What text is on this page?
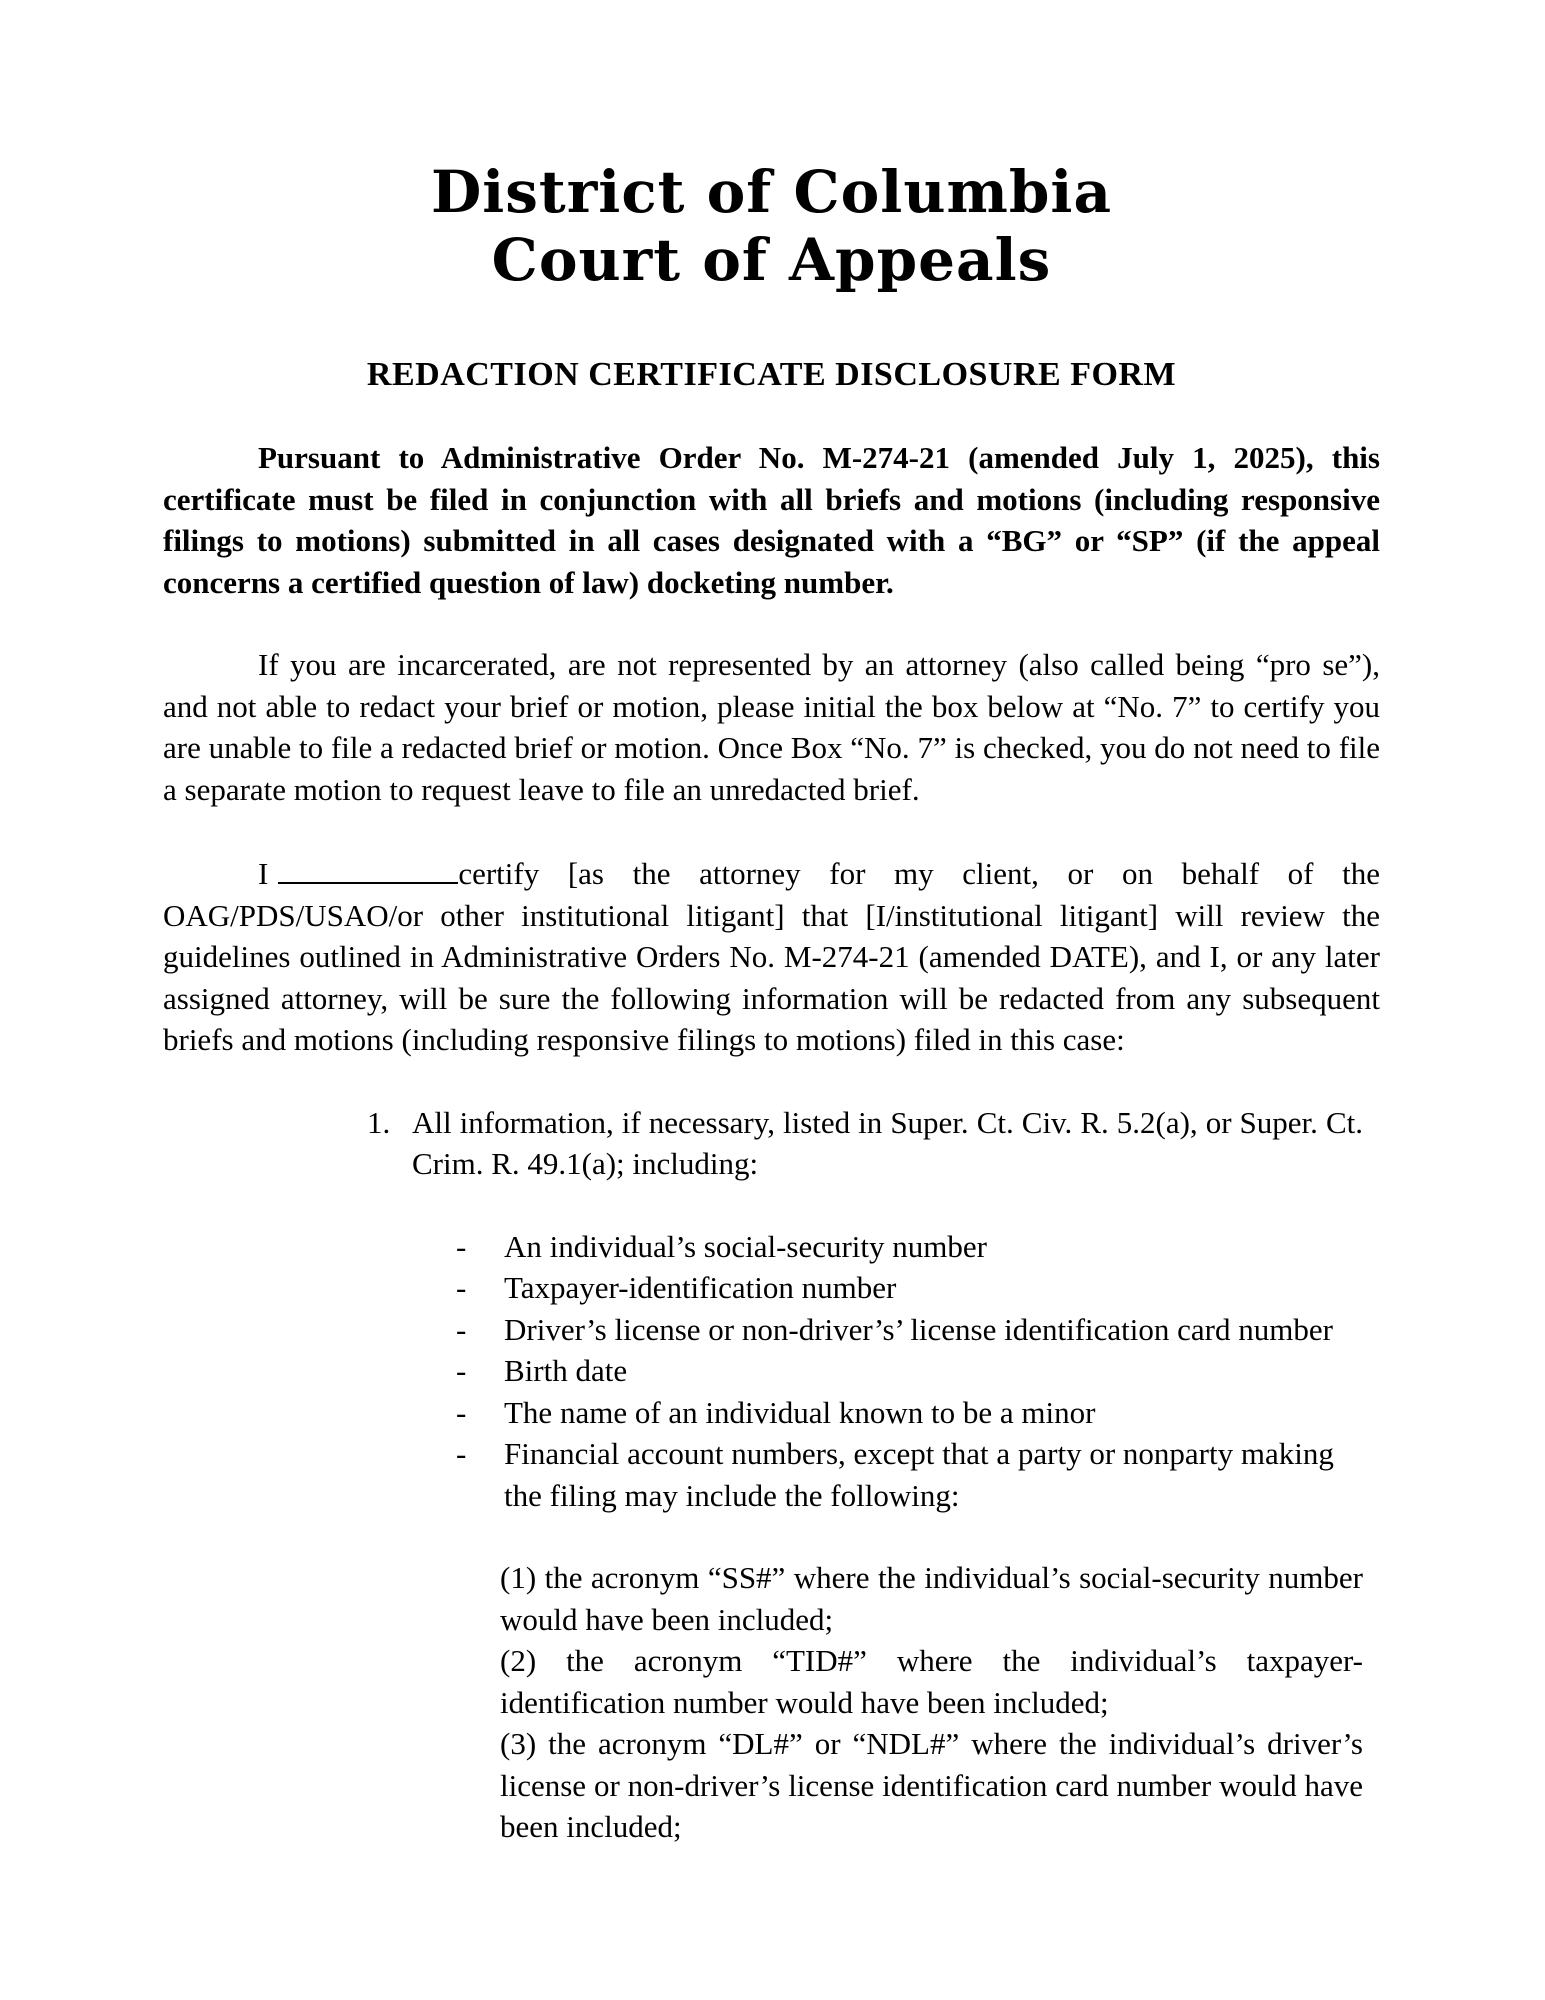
District of Columbia
Court of Appeals
REDACTION CERTIFICATE DISCLOSURE FORM

Pursuant to Administrative Order No. M-274-21 (amended July 1, 2025), this certificate must be filed in conjunction with all briefs and motions (including responsive filings to motions) submitted in all cases designated with a “BG” or “SP” (if the appeal concerns a certified question of law) docketing number.

If you are incarcerated, are not represented by an attorney (also called being “pro se”), and not able to redact your brief or motion, please initial the box below at “No. 7” to certify you are unable to file a redacted brief or motion. Once Box “No. 7” is checked, you do not need to file a separate motion to request leave to file an unredacted brief.

I	certify [as the attorney for my client, or on behalf of the OAG/PDS/USAO/or other institutional litigant] that [I/institutional litigant] will review the guidelines outlined in Administrative Orders No. M-274-21 (amended DATE), and I, or any later assigned attorney, will be sure the following information will be redacted from any subsequent briefs and motions (including responsive filings to motions) filed in this case:

1. All information, if necessary, listed in Super. Ct. Civ. R. 5.2(a), or Super. Ct. Crim. R. 49.1(a); including:
-	An individual’s social-security number
-	Taxpayer-identification number
-	Driver’s license or non-driver’s’ license identification card number
-	Birth date
-	The name of an individual known to be a minor
-	Financial account numbers, except that a party or nonparty making the filing may include the following:

(1) the acronym “SS#” where the individual’s social-security number would have been included;

(2) the acronym “TID#” where the individual’s taxpayer-identification number would have been included;

(3) the acronym “DL#” or “NDL#” where the individual’s driver’s license or non-driver’s license identification card number would have been included;
